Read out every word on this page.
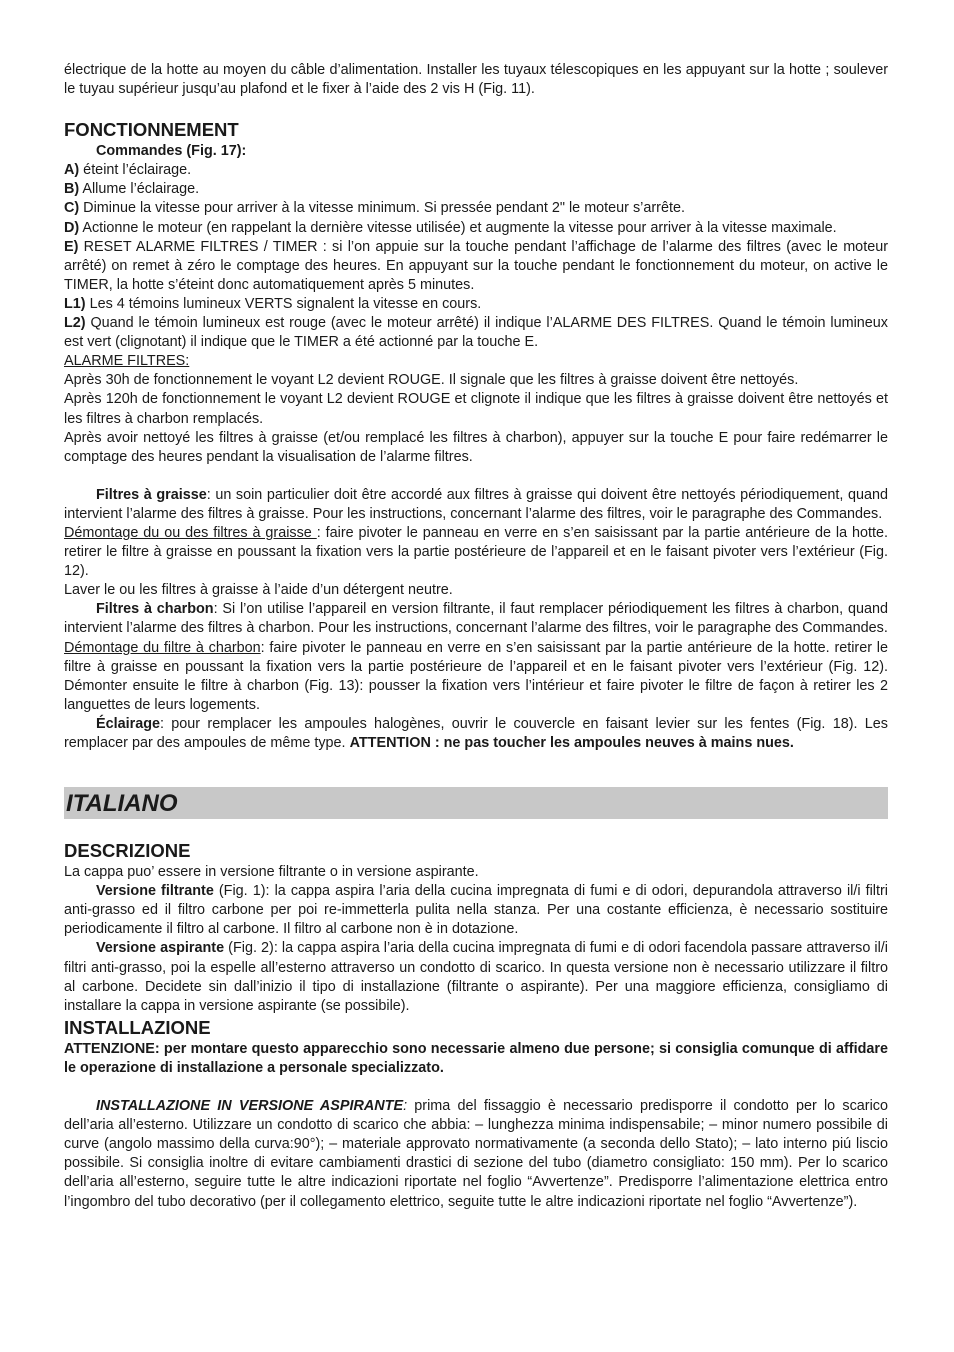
électrique de la hotte au moyen du câble d’alimentation. Installer les tuyaux télescopiques en les appuyant sur la hotte ; soulever le tuyau supérieur jusqu’au plafond et le fixer à l’aide des 2 vis H (Fig. 11).

FONCTIONNEMENT

Commandes (Fig. 17):

A) éteint l’éclairage.

B) Allume l’éclairage.

C) Diminue la vitesse pour arriver à la vitesse minimum. Si pressée pendant 2" le moteur s’arrête.

D) Actionne le moteur (en rappelant la dernière vitesse utilisée) et augmente la vitesse pour arriver à la vitesse maximale.

E) RESET ALARME FILTRES / TIMER : si l’on appuie sur la touche pendant l’affichage de l’alarme des filtres (avec le moteur arrêté) on remet à zéro le comptage des heures. En appuyant sur la touche pendant le fonctionnement du moteur, on active le TIMER, la hotte s’éteint donc automatiquement après 5 minutes.

L1) Les 4 témoins lumineux VERTS signalent la vitesse en cours.

L2) Quand le témoin lumineux est rouge (avec le moteur arrêté) il indique l’ALARME DES FILTRES. Quand le témoin lumineux est vert (clignotant) il indique que le TIMER a été actionné par la touche E.

ALARME FILTRES:

Après 30h de fonctionnement le voyant L2 devient ROUGE. Il signale que les filtres à graisse doivent être nettoyés.

Après 120h de fonctionnement le voyant L2 devient ROUGE et clignote il indique que les filtres à graisse doivent être nettoyés et les filtres à charbon remplacés.

Après avoir nettoyé les filtres à graisse (et/ou remplacé les filtres à charbon), appuyer sur la touche E pour faire redémarrer le comptage des heures pendant la visualisation de l’alarme filtres.

Filtres à graisse: un soin particulier doit être accordé aux filtres à graisse qui doivent être nettoyés périodiquement, quand intervient l’alarme des filtres à graisse. Pour les instructions, concernant l’alarme des filtres, voir le paragraphe des Commandes.

Démontage du ou des filtres à graisse : faire pivoter le panneau en verre en s’en saisissant par la partie antérieure de la hotte. retirer le filtre à graisse en poussant la fixation vers la partie postérieure de l’appareil et en le faisant pivoter vers l’extérieur (Fig. 12).

Laver le ou les filtres à graisse à l’aide d’un détergent neutre.

Filtres à charbon: Si l’on utilise l’appareil en version filtrante, il faut remplacer périodiquement les filtres à charbon, quand intervient l’alarme des filtres à charbon. Pour les instructions, concernant l’alarme des filtres, voir le paragraphe des Commandes.

Démontage du filtre à charbon: faire pivoter le panneau en verre en s’en saisissant par la partie antérieure de la hotte. retirer le filtre à graisse en poussant la fixation vers la partie postérieure de l’appareil et en le faisant pivoter vers l’extérieur (Fig. 12). Démonter ensuite le filtre à charbon (Fig. 13): pousser la fixation vers l’intérieur et faire pivoter le filtre de façon à retirer les 2 languettes de leurs logements.

Éclairage: pour remplacer les ampoules halogènes, ouvrir le couvercle en faisant levier sur les fentes (Fig. 18). Les remplacer par des ampoules de même type. ATTENTION : ne pas toucher les ampoules neuves à mains nues.

ITALIANO
DESCRIZIONE

La cappa puo’ essere in versione filtrante o in versione aspirante.

Versione filtrante (Fig. 1): la cappa aspira l’aria della cucina impregnata di fumi e di odori, depurandola attraverso il/i filtri anti-grasso ed il filtro carbone per poi re-immetterla pulita nella stanza. Per una costante efficienza, è necessario sostituire periodicamente il filtro al carbone. Il filtro al carbone non è in dotazione.

Versione aspirante (Fig. 2): la cappa aspira l’aria della cucina impregnata di fumi e di odori facendola passare attraverso il/i filtri anti-grasso, poi la espelle all’esterno attraverso un condotto di scarico. In questa versione non è necessario utilizzare il filtro al carbone. Decidete sin dall’inizio il tipo di installazione (filtrante o aspirante). Per una maggiore efficienza, consigliamo di installare la cappa in versione aspirante (se possibile).

INSTALLAZIONE

ATTENZIONE: per montare questo apparecchio sono necessarie almeno due persone; si consiglia comunque di affidare le operazione di installazione a personale specializzato.

INSTALLAZIONE IN VERSIONE ASPIRANTE: prima del fissaggio è necessario predisporre il condotto per lo scarico dell’aria all’esterno. Utilizzare un condotto di scarico che abbia: – lunghezza minima indispensabile; – minor numero possibile di curve (angolo massimo della curva:90°); – materiale approvato normativamente (a seconda dello Stato); – lato interno piú liscio possibile. Si consiglia inoltre di evitare cambiamenti drastici di sezione del tubo (diametro consigliato: 150 mm). Per lo scarico dell’aria all’esterno, seguire tutte le altre indicazioni riportate nel foglio “Avvertenze”. Predisporre l’alimentazione elettrica entro l’ingombro del tubo decorativo (per il collegamento elettrico, seguite tutte le altre indicazioni riportate nel foglio “Avvertenze”).
